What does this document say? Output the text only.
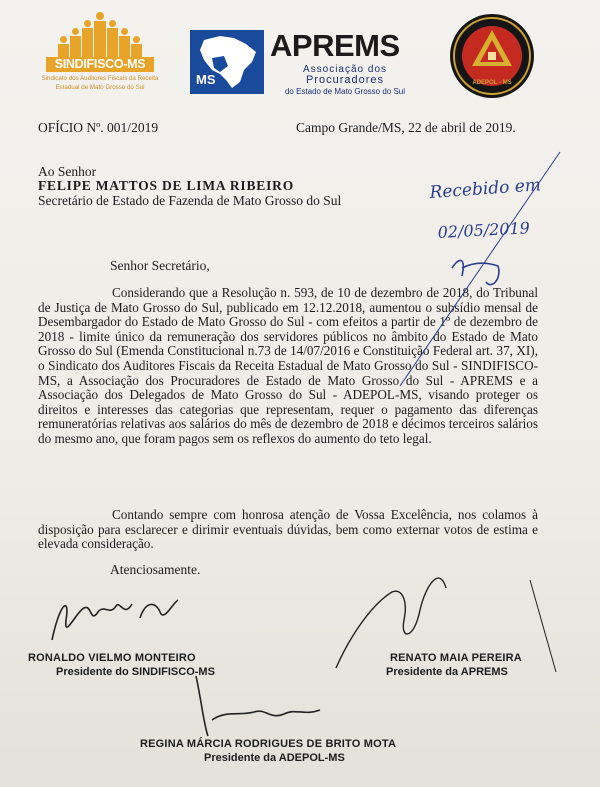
SINDIFISCO-MS
Sindicato dos Auditores Fiscais da Receita
Estadual de Mato Grosso do Sul
MS
APREMS
Associação dos
Procuradores
do Estado de Mato Grosso do Sul
ADEPOL - MS
OFÍCIO Nº. 001/2019	Campo Grande/MS, 22 de abril de 2019.
Ao Senhor
FELIPE MATTOS DE LIMA RIBEIRO
Secretário de Estado de Fazenda de Mato Grosso do Sul
Senhor Secretário,

Considerando que a Resolução n. 593, de 10 de dezembro de 2018, do Tribunal de Justiça de Mato Grosso do Sul, publicado em 12.12.2018, aumentou o subsídio mensal de Desembargador do Estado de Mato Grosso do Sul - com efeitos a partir de 1º de dezembro de 2018 - limite único da remuneração dos servidores públicos no âmbito do Estado de Mato Grosso do Sul (Emenda Constitucional n.73 de 14/07/2016 e Constituição Federal art. 37, XI), o Sindicato dos Auditores Fiscais da Receita Estadual de Mato Grosso do Sul - SINDIFISCO-MS, a Associação dos Procuradores de Estado de Mato Grosso do Sul - APREMS e a Associação dos Delegados de Mato Grosso do Sul - ADEPOL-MS, visando proteger os direitos e interesses das categorias que representam, requer o pagamento das diferenças remuneratórias relativas aos salários do mês de dezembro de 2018 e décimos terceiros salários do mesmo ano, que foram pagos sem os reflexos do aumento do teto legal.

Contando sempre com honrosa atenção de Vossa Excelência, nos colamos à disposição para esclarecer e dirimir eventuais dúvidas, bem como externar votos de estima e elevada consideração.

Atenciosamente.
Recebido em
02/05/2019
RONALDO VIELMO MONTEIRO
Presidente do SINDIFISCO-MS
RENATO MAIA PEREIRA
Presidente da APREMS
REGINA MÁRCIA RODRIGUES DE BRITO MOTA
Presidente da ADEPOL-MS
